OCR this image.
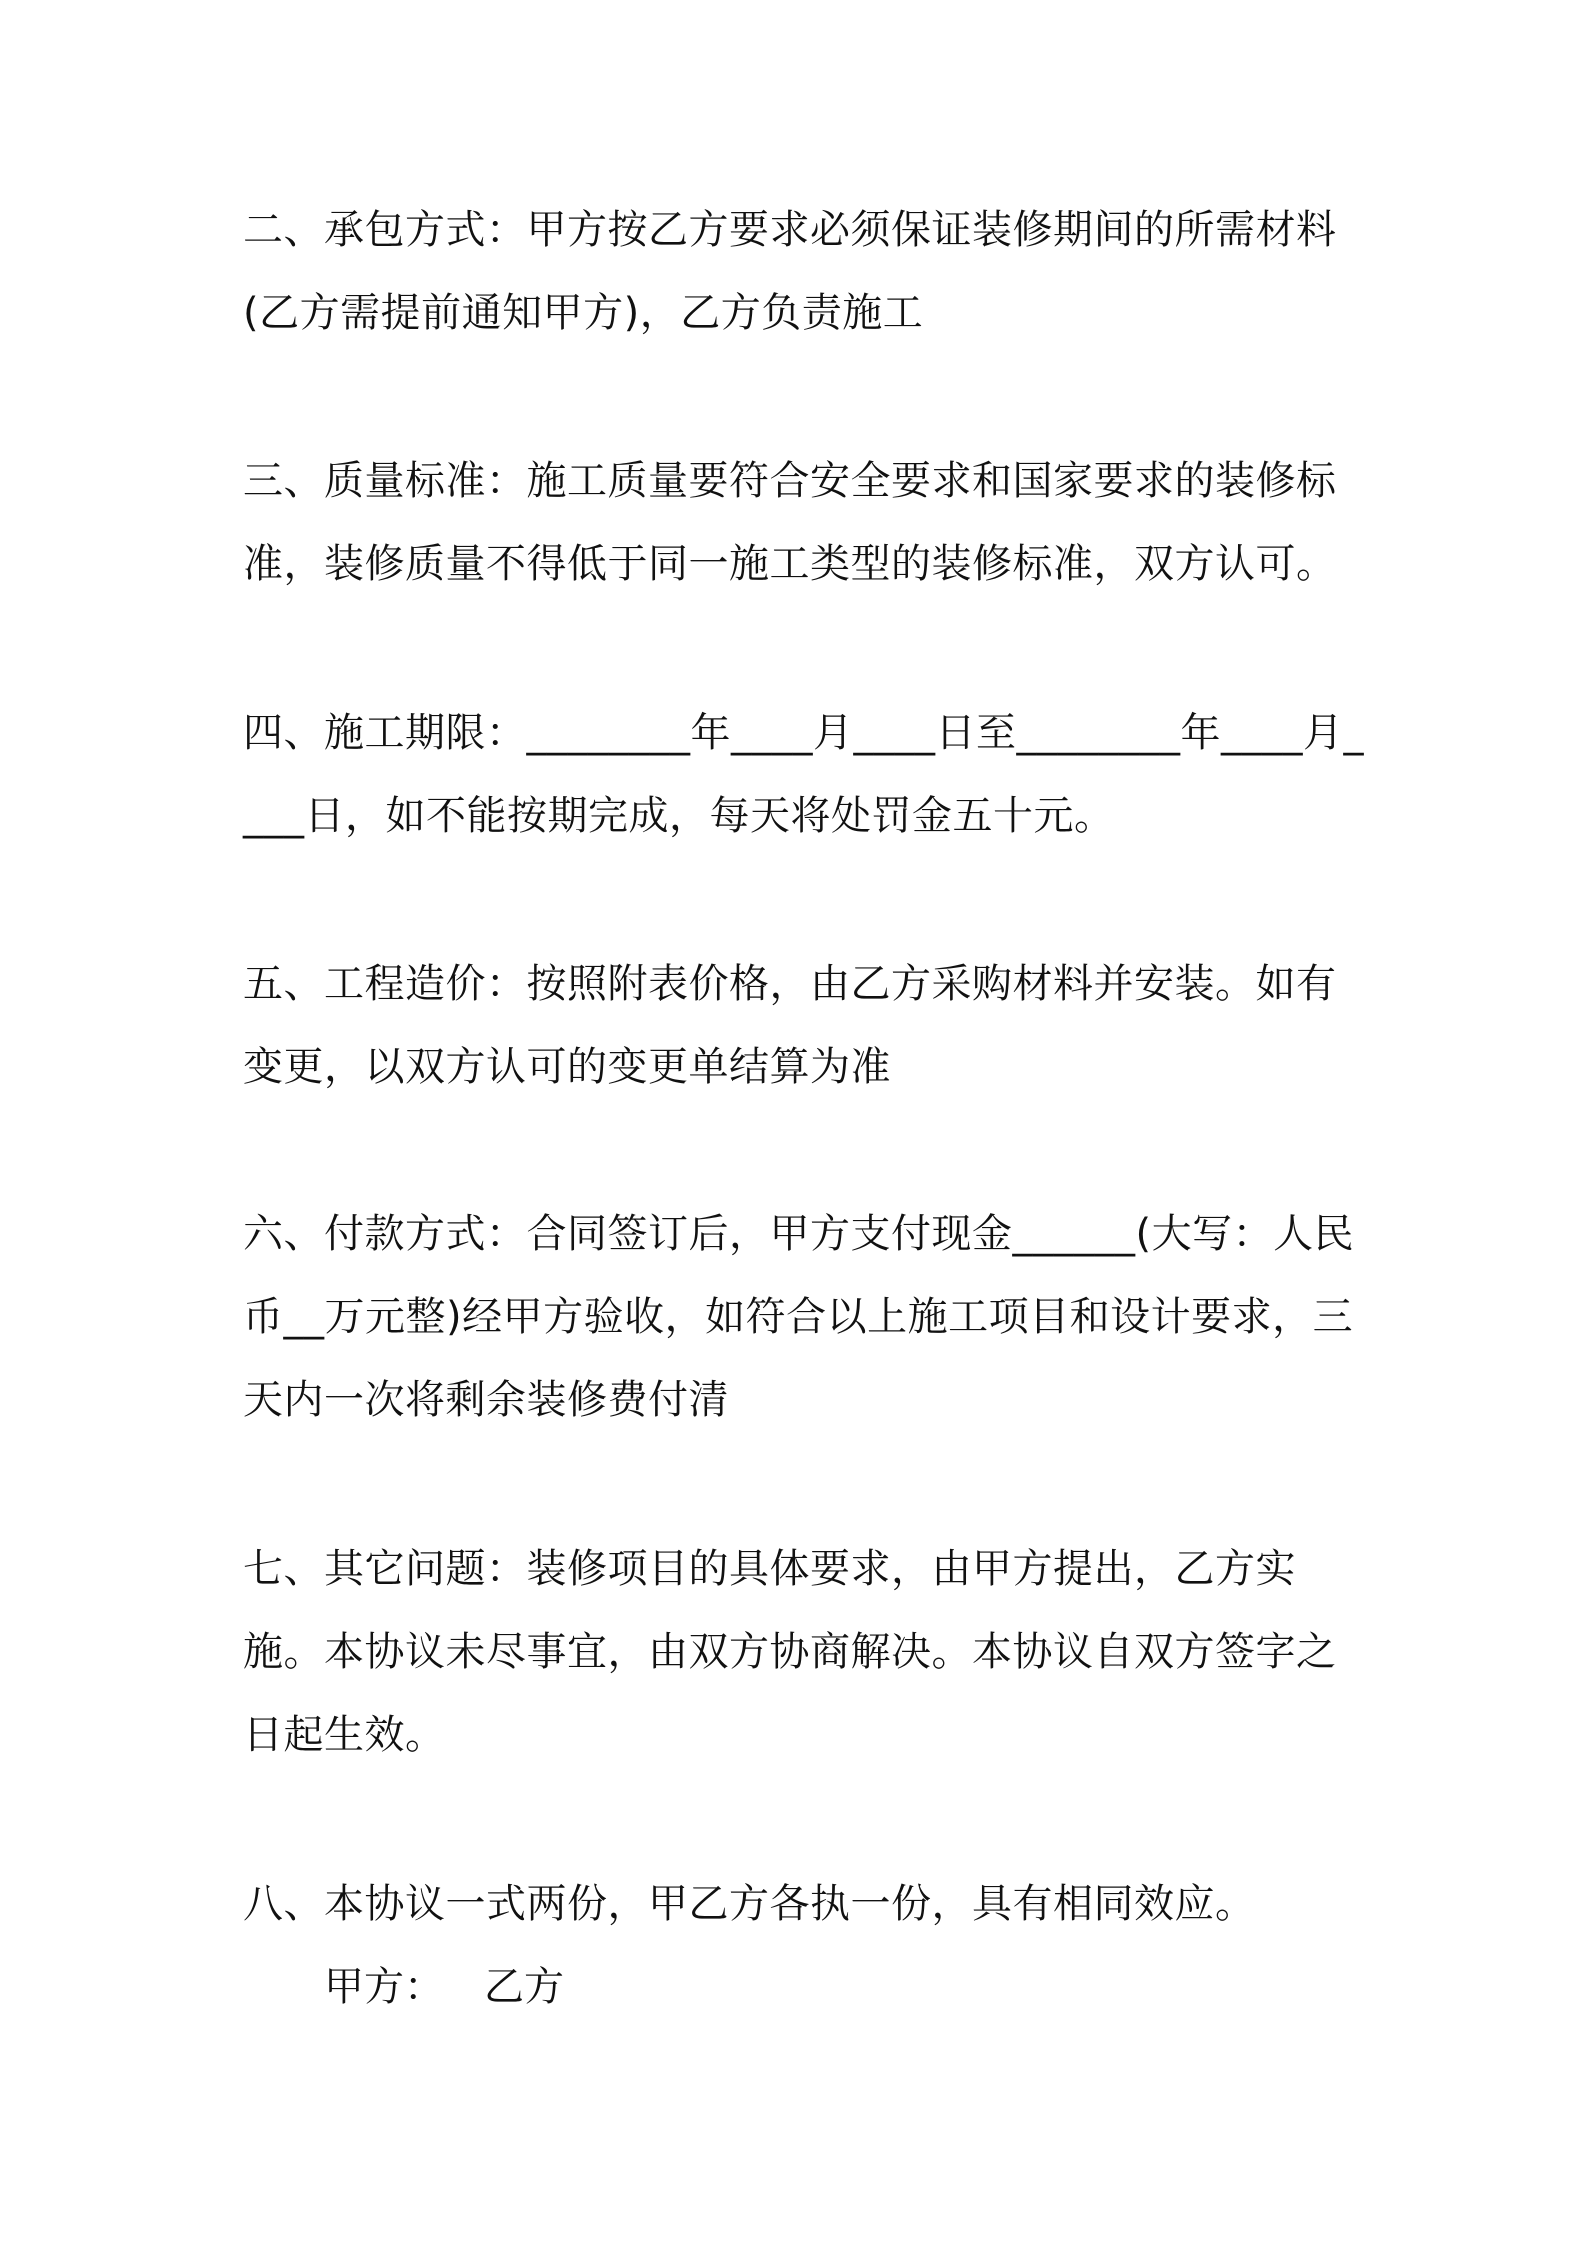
二、承包方式：甲方按乙方要求必须保证装修期间的所需材料(乙方需提前通知甲方)，乙方负责施工

三、质量标准：施工质量要符合安全要求和国家要求的装修标准，装修质量不得低于同一施工类型的装修标准，双方认可。

四、施工期限：________年____月____日至________年____月____日，如不能按期完成，每天将处罚金五十元。

五、工程造价：按照附表价格，由乙方采购材料并安装。如有变更，以双方认可的变更单结算为准

六、付款方式：合同签订后，甲方支付现金______(大写：人民币__万元整)经甲方验收，如符合以上施工项目和设计要求，三天内一次将剩余装修费付清

七、其它问题：装修项目的具体要求，由甲方提出，乙方实施。本协议未尽事宜，由双方协商解决。本协议自双方签字之日起生效。

八、本协议一式两份，甲乙方各执一份，具有相同效应。

甲方： 乙方
